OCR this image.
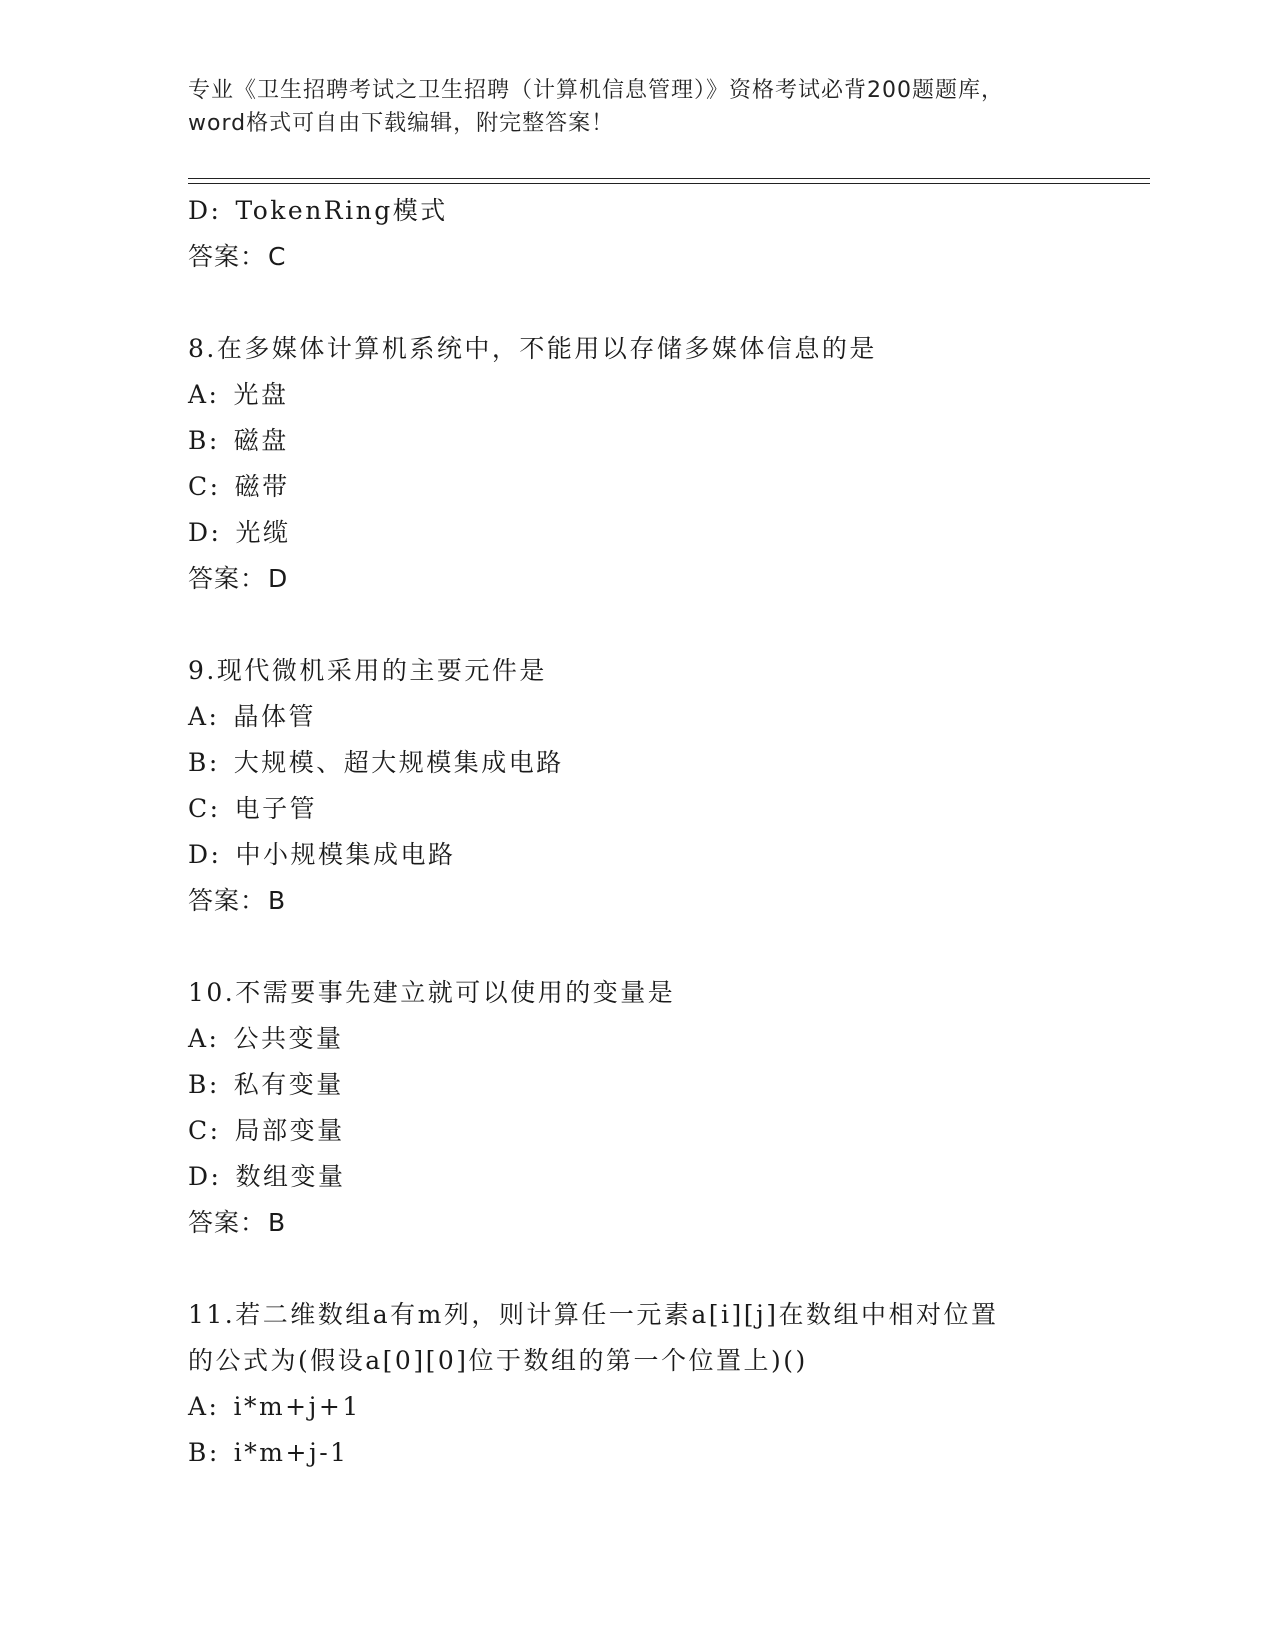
专业《卫生招聘考试之卫生招聘（计算机信息管理）》资格考试必背200题题库，
word格式可自由下载编辑，附完整答案！
D: TokenRing模式
答案：C
8.在多媒体计算机系统中，不能用以存储多媒体信息的是
A: 光盘
B: 磁盘
C: 磁带
D: 光缆
答案：D
9.现代微机采用的主要元件是
A: 晶体管
B: 大规模、超大规模集成电路
C: 电子管
D: 中小规模集成电路
答案：B
10.不需要事先建立就可以使用的变量是
A: 公共变量
B: 私有变量
C: 局部变量
D: 数组变量
答案：B
11.若二维数组a有m列，则计算任一元素a[i][j]在数组中相对位置
的公式为(假设a[0][0]位于数组的第一个位置上)()
A: i*m+j+1
B: i*m+j-1
